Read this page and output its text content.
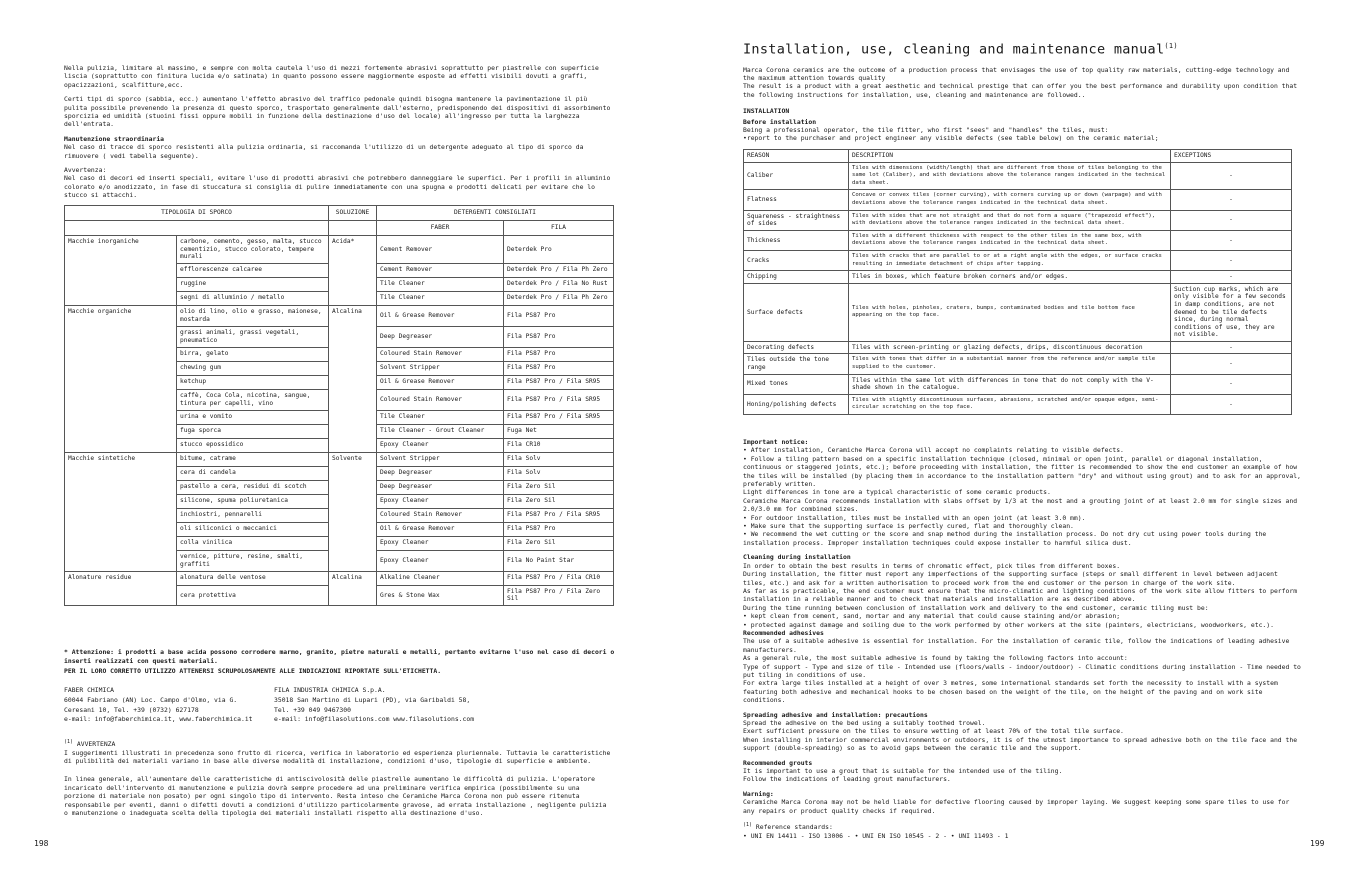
Nella pulizia, limitare al massimo, e sempre con molta cautela l'uso di mezzi fortemente abrasivi soprattutto per piastrelle con superficie liscia (soprattutto con finitura lucida e/o satinata) in quanto possono essere maggiormente esposte ad effetti visibili dovuti a graffi, opacizzazioni, scalfitture,ecc.

Certi tipi di sporco (sabbia, ecc.) aumentano l'effetto abrasivo del traffico pedonale quindi bisogna mantenere la pavimentazione il più pulita possibile prevenendo la presenza di questo sporco, trasportato generalmente dall'esterno, predisponendo dei dispositivi di assorbimento sporcizia ed umidità (stuoini fissi oppure mobili in funzione della destinazione d'uso del locale) all'ingresso per tutta la larghezza dell'entrata.

Manutenzione straordinaria

Nel caso di tracce di sporco resistenti alla pulizia ordinaria, si raccomanda l'utilizzo di un detergente adeguato al tipo di sporco da rimuovere ( vedi tabella seguente).

Avvertenza:

Nel caso di decori ed inserti speciali, evitare l'uso di prodotti abrasivi che potrebbero danneggiare le superfici. Per i profili in alluminio colorato e/o anodizzato, in fase di stuccatura si consiglia di pulire immediatamente con una spugna e prodotti delicati per evitare che lo stucco si attacchi.

TIPOLOGIA DI SPORCO		SOLUZIONE	DETERGENTI CONSIGLIATI	
			FABER	FILA
Macchie inorganiche	carbone, cemento, gesso, malta, stucco cementizio, stucco colorato, tempere murali	Acida*	Cement Remover	Deterdek Pro
	efflorescenze calcaree		Cement Remover	Deterdek Pro / Fila Ph Zero
	ruggine		Tile Cleaner	Deterdek Pro / Fila No Rust
	segni di alluminio / metallo		Tile Cleaner	Deterdek Pro / Fila Ph Zero
Macchie organiche	olio di lino, olio e grasso, maionese, mostarda	Alcalina	Oil & Grease Remover	Fila PS87 Pro
	grassi animali, grassi vegetali, pneumatico		Deep Degreaser	Fila PS87 Pro
	birra, gelato		Coloured Stain Remover	Fila PS87 Pro
	chewing gum		Solvent Stripper	Fila PS87 Pro
	ketchup		Oil & Grease Remover	Fila PS87 Pro / Fila SR95
	caffè, Coca Cola, nicotina, sangue, tintura per capelli, vino		Coloured Stain Remover	Fila PS87 Pro / Fila SR95
	urina e vomito		Tile Cleaner	Fila PS87 Pro / Fila SR95
	fuga sporca		Tile Cleaner - Grout Cleaner	Fuga Net
	stucco epossidico		Epoxy Cleaner	Fila CR10
Macchie sintetiche	bitume, catrame	Solvente	Solvent Stripper	Fila Solv
	cera di candela		Deep Degreaser	Fila Solv
	pastello a cera, residui di scotch		Deep Degreaser	Fila Zero Sil
	silicone, spuma poliuretanica		Epoxy Cleaner	Fila Zero Sil
	inchiostri, pennarelli		Coloured Stain Remover	Fila PS87 Pro / Fila SR95
	oli siliconici o meccanici		Oil & Grease Remover	Fila PS87 Pro
	colla vinilica		Epoxy Cleaner	Fila Zero Sil
	vernice, pitture, resine, smalti, graffiti		Epoxy Cleaner	Fila No Paint Star
Alonature residue	alonatura delle ventose	Alcalina	Alkaline Cleaner	Fila PS87 Pro / Fila CR10
	cera protettiva		Gres & Stone Wax	Fila PS87 Pro / Fila Zero Sil

* Attenzione: i prodotti a base acida possono corrodere marmo, granito, pietre naturali e metalli, pertanto evitarne l'uso nel caso di decori o inserti realizzati con questi materiali.

PER IL LORO CORRETTO UTILIZZO ATTENERSI SCRUPOLOSAMENTE ALLE INDICAZIONI RIPORTATE SULL'ETICHETTA.

FABER CHIMICA

60044 Fabriano (AN) Loc. Campo d'Olmo, via G.

Ceresani 10, Tel. +39 (0732) 627178

e-mail: info@faberchimica.it, www.faberchimica.it

FILA INDUSTRIA CHIMICA S.p.A.

35018 San Martino di Lupari (PD), via Garibaldi 58,

Tel. +39 049 9467300

e-mail: info@filasolutions.com www.filasolutions.com

$^{(1)}$ AVVERTENZA

I suggerimenti illustrati in precedenza sono frutto di ricerca, verifica in laboratorio ed esperienza pluriennale. Tuttavia le caratteristiche di pulibilità dei materiali variano in base alle diverse modalità di installazione, condizioni d'uso, tipologie di superficie e ambiente.

In linea generale, all'aumentare delle caratteristiche di antiscivolosità delle piastrelle aumentano le difficoltà di pulizia. L'operatore incaricato dell'intervento di manutenzione e pulizia dovrà sempre procedere ad una preliminare verifica empirica (possibilmente su una porzione di materiale non posato) per ogni singolo tipo di intervento. Resta inteso che Ceramiche Marca Corona non può essere ritenuta responsabile per eventi, danni o difetti dovuti a condizioni d'utilizzo particolarmente gravose, ad errata installazione , negligente pulizia o manutenzione o inadeguata scelta della tipologia dei materiali installati rispetto alla destinazione d'uso.

198

Installation, use, cleaning and maintenance manual$^{(1)}$

Marca Corona ceramics are the outcome of a production process that envisages the use of top quality raw materials, cutting-edge technology and the maximum attention towards quality

The result is a product with a great aesthetic and technical prestige that can offer you the best performance and durability upon condition that the following instructions for installation, use, cleaning and maintenance are followed..

INSTALLATION

Before installation

Being a professional operator, the tile fitter, who first "sees" and "handles" the tiles, must:

• report to the purchaser and project engineer any visible defects (see table below) on the ceramic material;

REASON	DESCRIPTION	EXCEPTIONS
Caliber	Tiles with dimensions (width/length) that are different from those of tiles belonging to the same lot (Caliber), and with deviations above the tolerance ranges indicated in the technical data sheet.	-
Flatness	Concave or convex tiles (corner curving), with corners curving up or down (warpage) and with deviations above the tolerance ranges indicated in the technical data sheet.	-
Squareness - straightness of sides	Tiles with sides that are not straight and that do not form a square ("trapezoid effect"), with deviations above the tolerance ranges indicated in the technical data sheet.	-
Thickness	Tiles with a different thickness with respect to the other tiles in the same box, with deviations above the tolerance ranges indicated in the technical data sheet.	-
Cracks	Tiles with cracks that are parallel to or at a right angle with the edges, or surface cracks resulting in immediate detachment of chips after tapping.	-
Chipping	Tiles in boxes, which feature broken corners and/or edges.	-
Surface defects	Tiles with holes, pinholes, craters, bumps, contaminated bodies and tile bottom face appearing on the top face.	Suction cup marks, which are only visible for a few seconds in damp conditions, are not deemed to be tile defects since, during normal conditions of use, they are not visible.
Decorating defects	Tiles with screen-printing or glazing defects, drips, discontinuous decoration	-
Tiles outside the tone range	Tiles with tones that differ in a substantial manner from the reference and/or sample tile supplied to the customer.	-
Mixed tones	Tiles within the same lot with differences in tone that do not comply with the V-shade shown in the catalogue.	-
Honing/polishing defects	Tiles with slightly discontinuous surfaces, abrasions, scratched and/or opaque edges, semi-circular scratching on the top face.	-

Important notice:

• After installation, Ceramiche Marca Corona will accept no complaints relating to visible defects.

• Follow a tiling pattern based on a specific installation technique (closed, minimal or open joint, parallel or diagonal installation, continuous or staggered joints, etc.); before proceeding with installation, the fitter is recommended to show the end customer an example of how the tiles will be installed (by placing them in accordance to the installation pattern "dry" and without using grout) and to ask for an approval, preferably written.

Light differences in tone are a typical characteristic of some ceramic products.

Ceramiche Marca Corona recommends installation with slabs offset by 1/3 at the most and a grouting joint of at least 2.0 mm for single sizes and 2.0/3.0 mm for combined sizes.

• For outdoor installation, tiles must be installed with an open joint (at least 3.0 mm).

• Make sure that the supporting surface is perfectly cured, flat and thoroughly clean.

• We recommend the wet cutting or the score and snap method during the installation process. Do not dry cut using power tools during the installation process. Improper installation techniques could expose installer to harmful silica dust.

Cleaning during installation

In order to obtain the best results in terms of chromatic effect, pick tiles from different boxes.

During installation, the fitter must report any imperfections of the supporting surface (steps or small different in level between adjacent tiles, etc.) and ask for a written authorisation to proceed work from the end customer or the person in charge of the work site.

As far as is practicable, the end customer must ensure that the micro-climatic and lighting conditions of the work site allow fitters to perform installation in a reliable manner and to check that materials and installation are as described above.

During the time running between conclusion of installation work and delivery to the end customer, ceramic tiling must be:

• kept clean from cement, sand, mortar and any material that could cause staining and/or abrasion;

• protected against damage and soiling due to the work performed by other workers at the site (painters, electricians, woodworkers, etc.).

Recommended adhesives

The use of a suitable adhesive is essential for installation. For the installation of ceramic tile, follow the indications of leading adhesive manufacturers.

As a general rule, the most suitable adhesive is found by taking the following factors into account:

Type of support - Type and size of tile - Intended use (floors/walls - indoor/outdoor) - Climatic conditions during installation - Time needed to put tiling in conditions of use.

For extra large tiles installed at a height of over 3 metres, some international standards set forth the necessity to install with a system featuring both adhesive and mechanical hooks to be chosen based on the weight of the tile, on the height of the paving and on work site conditions.

Spreading adhesive and installation: precautions

Spread the adhesive on the bed using a suitably toothed trowel.

Exert sufficient pressure on the tiles to ensure wetting of at least 70% of the total tile surface.

When installing in interior commercial environments or outdoors, it is of the utmost importance to spread adhesive both on the tile face and the support (double-spreading) so as to avoid gaps between the ceramic tile and the support.

Recommended grouts

It is important to use a grout that is suitable for the intended use of the tiling.

Follow the indications of leading grout manufacturers.

Warning:

Ceramiche Marca Corona may not be held liable for defective flooring caused by improper laying. We suggest keeping some spare tiles to use for any repairs or product quality checks if required.

$^{(1)}$ Reference standards:

• UNI EN 14411 - ISO 13006 - • UNI EN ISO 10545 - 2 - • UNI 11493 - 1

199
